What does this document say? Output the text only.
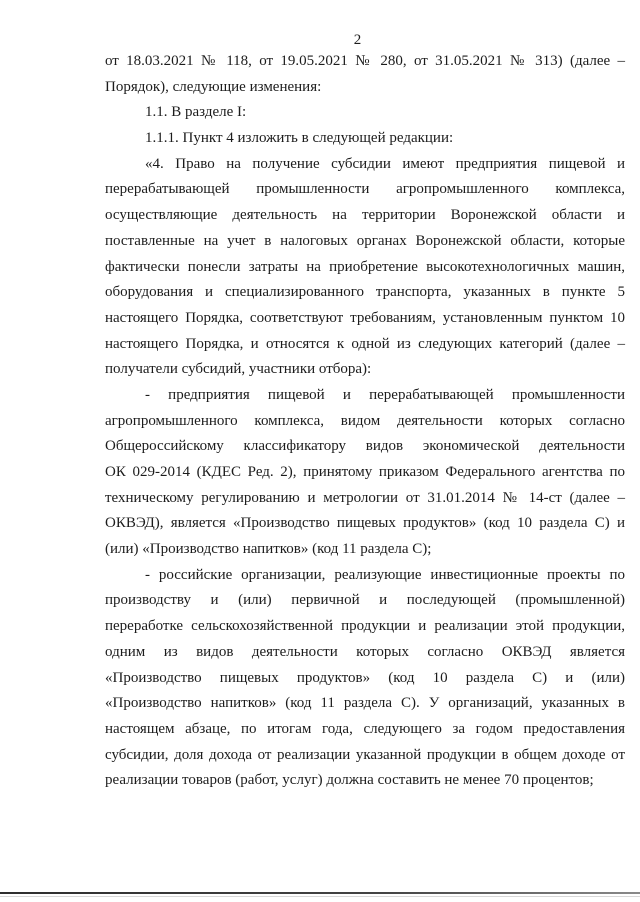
2
от 18.03.2021 № 118, от 19.05.2021 № 280, от 31.05.2021 № 313) (далее –
Порядок), следующие изменения:
1.1. В разделе I:
1.1.1. Пункт 4 изложить в следующей редакции:
«4. Право на получение субсидии имеют предприятия пищевой и
перерабатывающей промышленности агропромышленного комплекса,
осуществляющие деятельность на территории Воронежской области и
поставленные на учет в налоговых органах Воронежской области, которые
фактически понесли затраты на приобретение высокотехнологичных машин,
оборудования и специализированного транспорта, указанных в пункте 5
настоящего Порядка, соответствуют требованиям, установленным пунктом 10
настоящего Порядка, и относятся к одной из следующих категорий (далее –
получатели субсидий, участники отбора):
- предприятия пищевой и перерабатывающей промышленности
агропромышленного комплекса, видом деятельности которых согласно
Общероссийскому классификатору видов экономической деятельности
ОК 029-2014 (КДЕС Ред. 2), принятому приказом Федерального агентства по
техническому регулированию и метрологии от 31.01.2014 № 14-ст (далее –
ОКВЭД), является «Производство пищевых продуктов» (код 10 раздела С) и
(или) «Производство напитков» (код 11 раздела С);
- российские организации, реализующие инвестиционные проекты по
производству и (или) первичной и последующей (промышленной)
переработке сельскохозяйственной продукции и реализации этой продукции,
одним из видов деятельности которых согласно ОКВЭД является
«Производство пищевых продуктов» (код 10 раздела С) и (или)
«Производство напитков» (код 11 раздела С). У организаций, указанных в
настоящем абзаце, по итогам года, следующего за годом предоставления
субсидии, доля дохода от реализации указанной продукции в общем доходе от
реализации товаров (работ, услуг) должна составить не менее 70 процентов;
